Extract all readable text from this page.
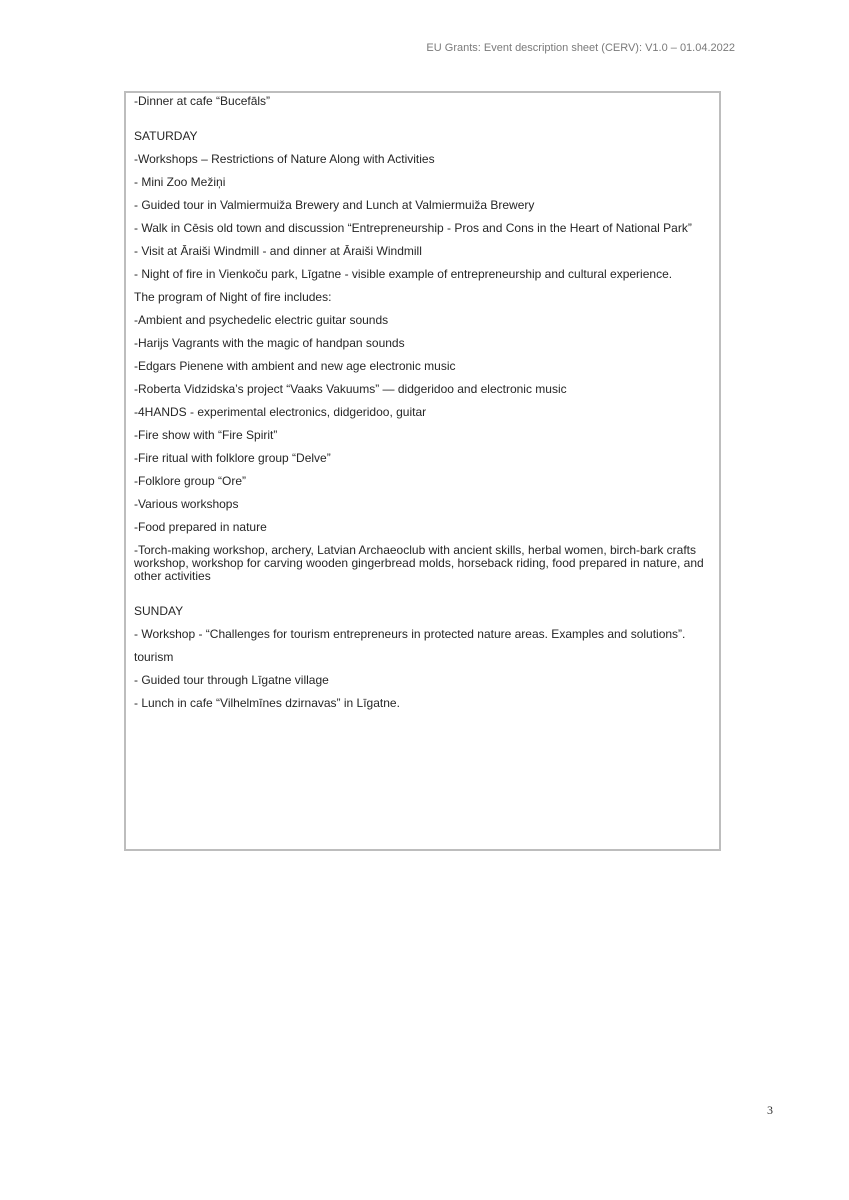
EU Grants: Event description sheet (CERV): V1.0 – 01.04.2022

-Dinner at cafe “Bucefāls”

SATURDAY

-Workshops – Restrictions of Nature Along with Activities

- Mini Zoo Mežiņi

- Guided tour in Valmiermuiža Brewery and Lunch at Valmiermuiža Brewery

- Walk in Cēsis old town and discussion “Entrepreneurship - Pros and Cons in the Heart of National Park”

- Visit at Āraiši Windmill - and dinner at Āraiši Windmill

- Night of fire in Vienkoču park, Līgatne - visible example of entrepreneurship and cultural experience.

The program of Night of fire includes:

-Ambient and psychedelic electric guitar sounds

-Harijs Vagrants with the magic of handpan sounds

-Edgars Pienene with ambient and new age electronic music

-Roberta Vidzidska’s project “Vaaks Vakuums” — didgeridoo and electronic music

-4HANDS - experimental electronics, didgeridoo, guitar

-Fire show with “Fire Spirit”

-Fire ritual with folklore group “Delve”

-Folklore group “Ore”

-Various workshops

-Food prepared in nature

-Torch-making workshop, archery, Latvian Archaeoclub with ancient skills, herbal women, birch-bark crafts workshop, workshop for carving wooden gingerbread molds, horseback riding, food prepared in nature, and other activities

SUNDAY

- Workshop - “Challenges for tourism entrepreneurs in protected nature areas. Examples and solutions”.

tourism

- Guided tour through Līgatne village

- Lunch in cafe “Vilhelmīnes dzirnavas” in Līgatne.

3
